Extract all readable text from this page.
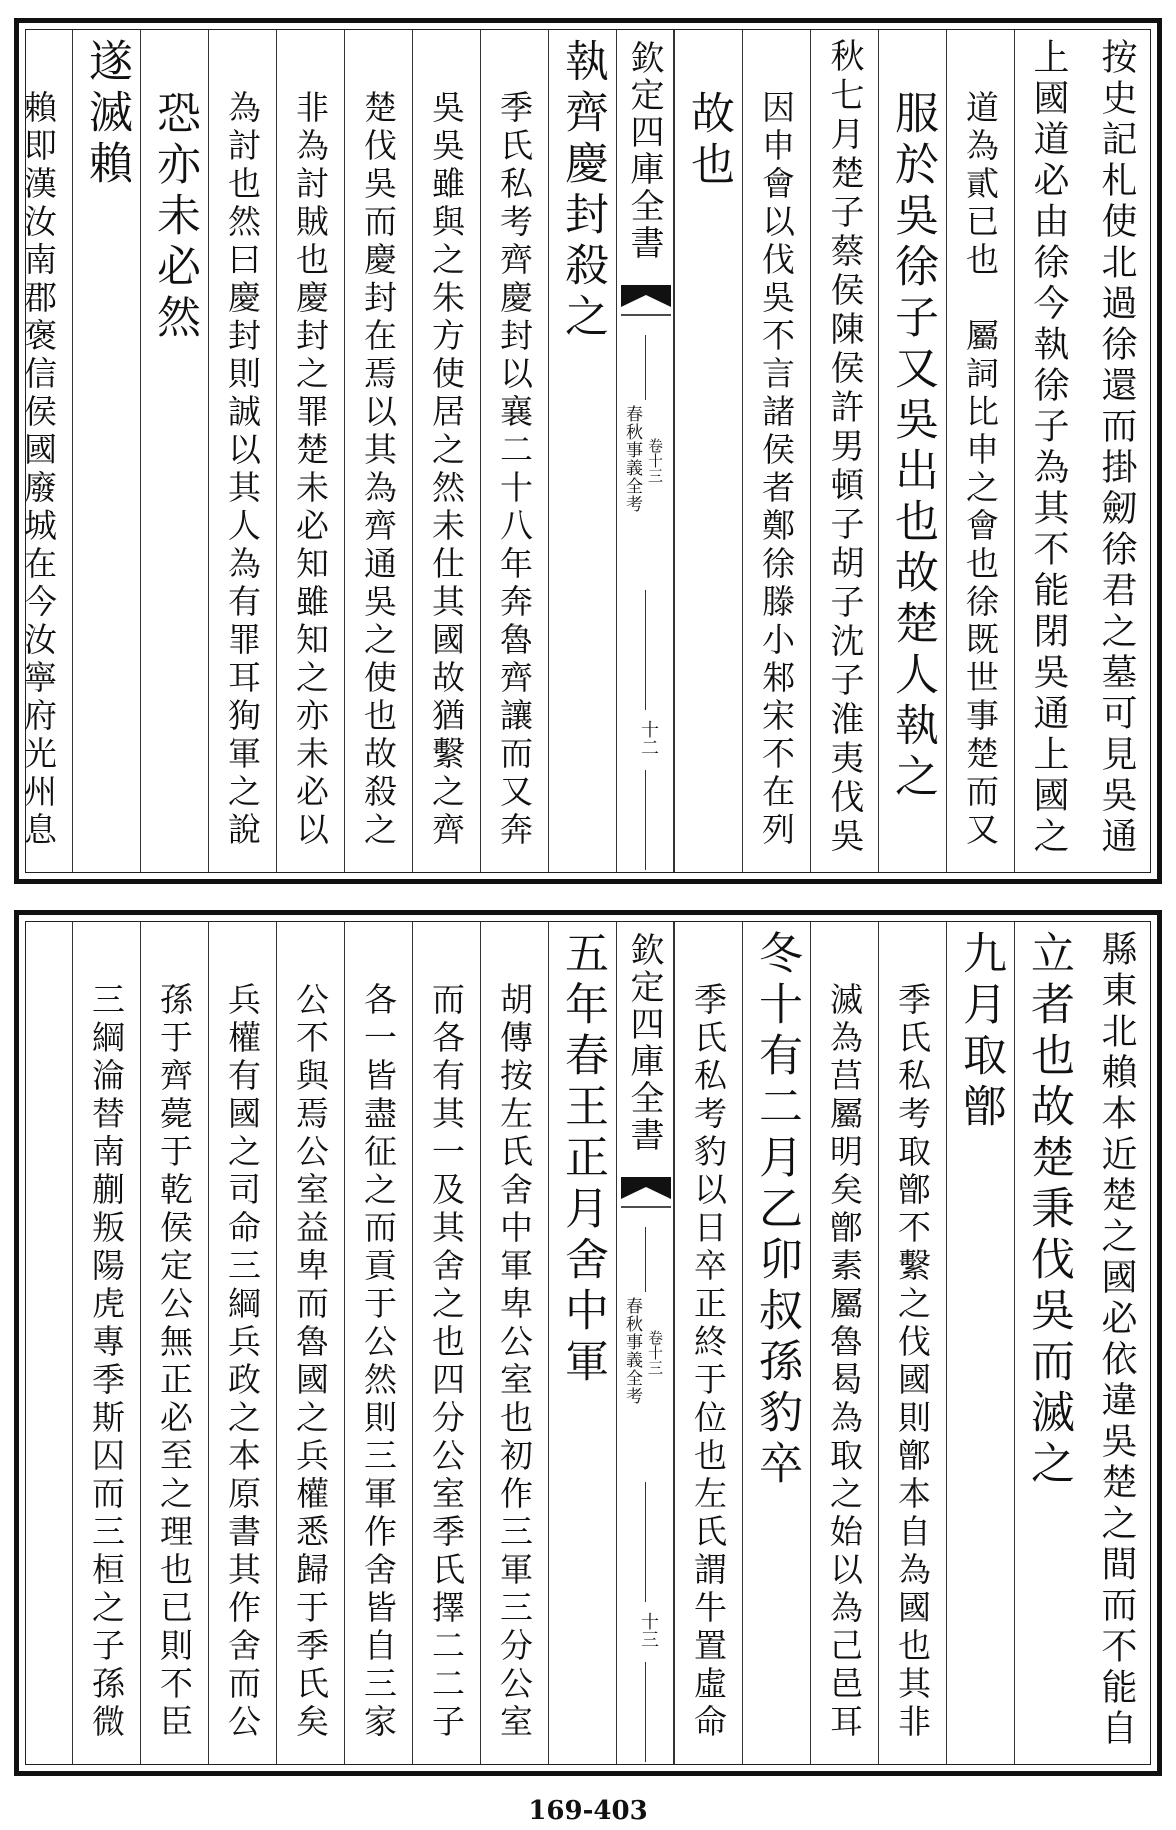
按史記札使北過徐還而掛劒徐君之墓可見吳通
上國道必由徐今執徐子為其不能閉吳通上國之
道為貳已也　屬詞比申之會也徐既世事楚而又
服於吳徐子又吳出也故楚人執之
秋七月楚子蔡侯陳侯許男頓子胡子沈子淮夷伐吳
因申會以伐吳不言諸侯者鄭徐滕小邾宋不在列
故也
欽定四庫全書
春秋事義全考 卷十三
十二
執齊慶封殺之
季氏私考齊慶封以襄二十八年奔魯齊讓而又奔
吳吳雖與之朱方使居之然未仕其國故猶繫之齊
楚伐吳而慶封在焉以其為齊通吳之使也故殺之
非為討賊也慶封之罪楚未必知雖知之亦未必以
為討也然曰慶封則誠以其人為有罪耳狥軍之說
恐亦未必然
遂滅賴
賴即漢汝南郡褒信侯國廢城在今汝寧府光州息
縣東北賴本近楚之國必依違吳楚之間而不能自
立者也故楚秉伐吳而滅之
九月取鄫
季氏私考取鄫不繫之伐國則鄫本自為國也其非
滅為莒屬明矣鄫素屬魯曷為取之始以為己邑耳
冬十有二月乙卯叔孫豹卒
季氏私考豹以日卒正終于位也左氏謂牛置虛命
欽定四庫全書
春秋事義全考 卷十三
十三
五年春王正月舍中軍
胡傳按左氏舍中軍卑公室也初作三軍三分公室
而各有其一及其舍之也四分公室季氏擇二二子
各一皆盡征之而貢于公然則三軍作舍皆自三家
公不與焉公室益卑而魯國之兵權悉歸于季氏矣
兵權有國之司命三綱兵政之本原書其作舍而公
孫于齊薨于乾侯定公無正必至之理也已則不臣
三綱淪替南蒯叛陽虎專季斯囚而三桓之子孫微
169-403
